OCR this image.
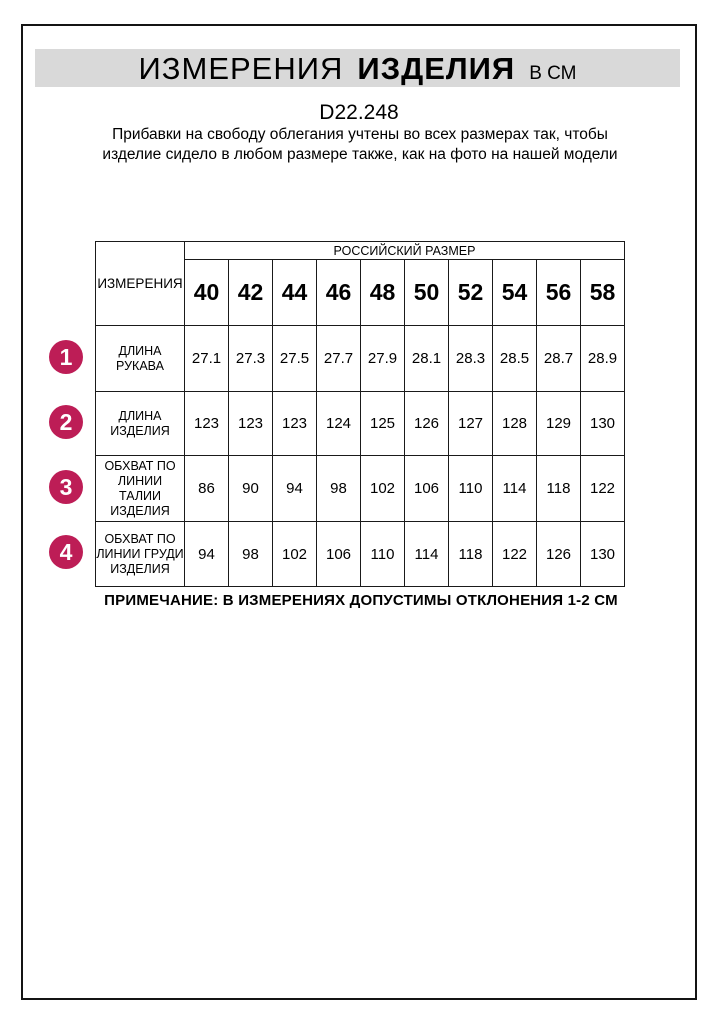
ИЗМЕРЕНИЯ ИЗДЕЛИЯ В СМ
D22.248
Прибавки на свободу облегания учтены во всех размерах так, чтобы изделие сидело в любом размере также, как на фото на нашей модели
ИЗМЕРЕНИЯ	РОССИЙСКИЙ РАЗМЕР									
	40	42	44	46	48	50	52	54	56	58
ДЛИНА РУКАВА	27.1	27.3	27.5	27.7	27.9	28.1	28.3	28.5	28.7	28.9
ДЛИНА ИЗДЕЛИЯ	123	123	123	124	125	126	127	128	129	130
ОБХВАТ ПО ЛИНИИ ТАЛИИ ИЗДЕЛИЯ	86	90	94	98	102	106	110	114	118	122
ОБХВАТ ПО ЛИНИИ ГРУДИ ИЗДЕЛИЯ	94	98	102	106	110	114	118	122	126	130
1
2
3
4
ПРИМЕЧАНИЕ: В ИЗМЕРЕНИЯХ ДОПУСТИМЫ ОТКЛОНЕНИЯ 1-2 СМ
